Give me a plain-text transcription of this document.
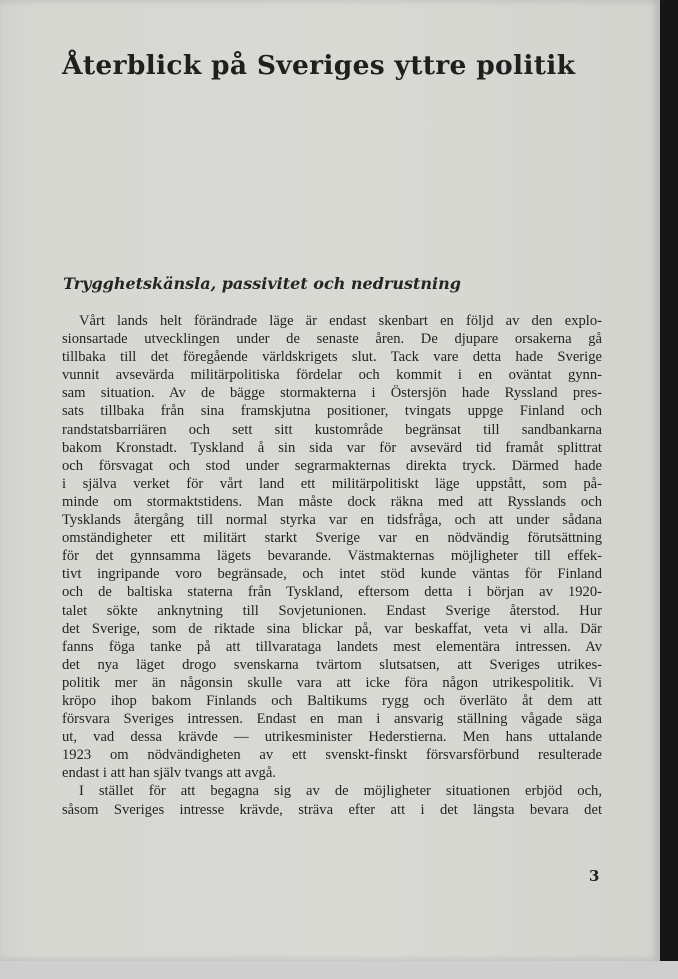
Återblick på Sveriges yttre politik
Trygghetskänsla, passivitet och nedrustning
Vårt lands helt förändrade läge är endast skenbart en följd av den explo-
sionsartade utvecklingen under de senaste åren. De djupare orsakerna gå
tillbaka till det föregående världskrigets slut. Tack vare detta hade Sverige
vunnit avsevärda militärpolitiska fördelar och kommit i en oväntat gynn-
sam situation. Av de bägge stormakterna i Östersjön hade Ryssland pres-
sats tillbaka från sina framskjutna positioner, tvingats uppge Finland och
randstatsbarriären och sett sitt kustområde begränsat till sandbankarna
bakom Kronstadt. Tyskland å sin sida var för avsevärd tid framåt splittrat
och försvagat och stod under segrarmakternas direkta tryck. Därmed hade
i själva verket för vårt land ett militärpolitiskt läge uppstått, som på-
minde om stormaktstidens. Man måste dock räkna med att Rysslands och
Tysklands återgång till normal styrka var en tidsfråga, och att under sådana
omständigheter ett militärt starkt Sverige var en nödvändig förutsättning
för det gynnsamma lägets bevarande. Västmakternas möjligheter till effek-
tivt ingripande voro begränsade, och intet stöd kunde väntas för Finland
och de baltiska staterna från Tyskland, eftersom detta i början av 1920-
talet sökte anknytning till Sovjetunionen. Endast Sverige återstod. Hur
det Sverige, som de riktade sina blickar på, var beskaffat, veta vi alla. Där
fanns föga tanke på att tillvarataga landets mest elementära intressen. Av
det nya läget drogo svenskarna tvärtom slutsatsen, att Sveriges utrikes-
politik mer än någonsin skulle vara att icke föra någon utrikespolitik. Vi
kröpo ihop bakom Finlands och Baltikums rygg och överläto åt dem att
försvara Sveriges intressen. Endast en man i ansvarig ställning vågade säga
ut, vad dessa krävde — utrikesminister Hederstierna. Men hans uttalande
1923 om nödvändigheten av ett svenskt-finskt försvarsförbund resulterade
endast i att han själv tvangs att avgå.
I stället för att begagna sig av de möjligheter situationen erbjöd och,
såsom Sveriges intresse krävde, sträva efter att i det längsta bevara det
3
